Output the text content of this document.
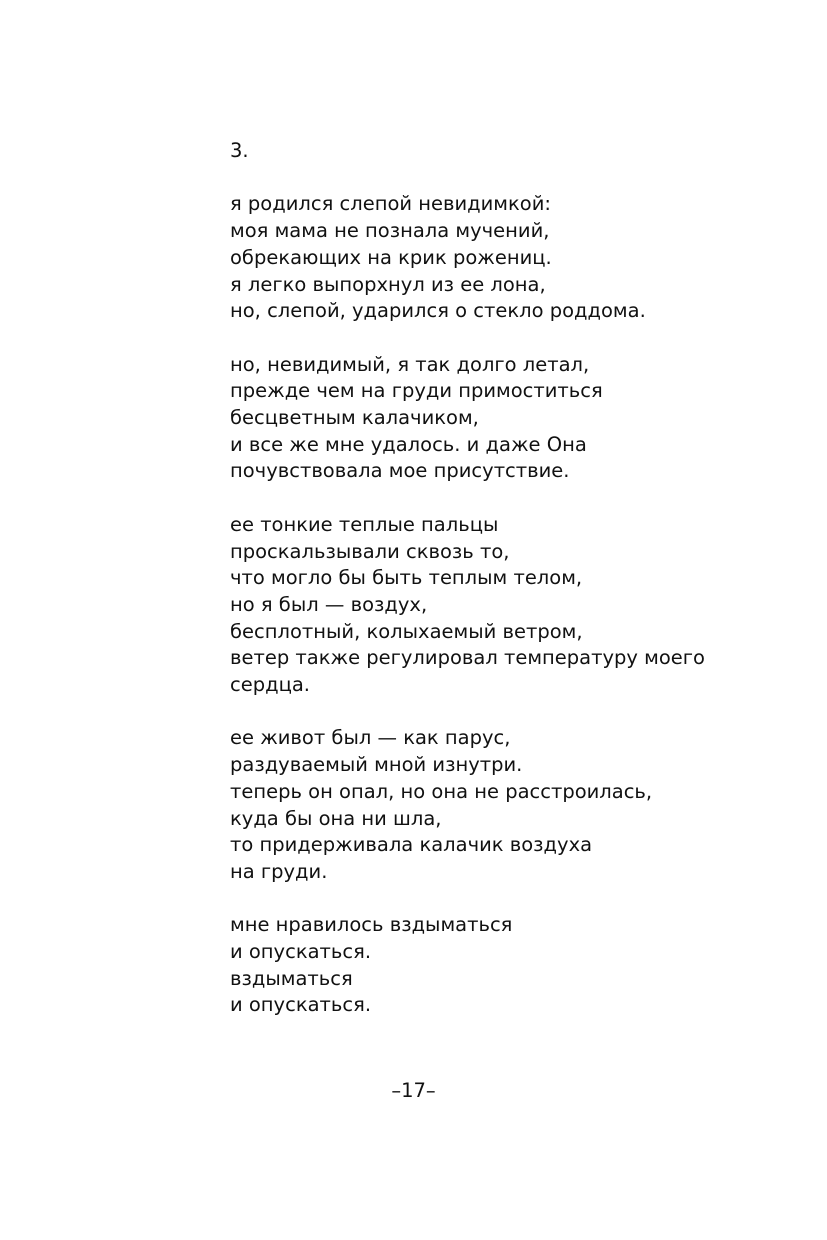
3.
я родился слепой невидимкой:
моя мама не познала мучений,
обрекающих на крик рожениц.
я легко выпорхнул из ее лона,
но, слепой, ударился о стекло роддома.
но, невидимый, я так долго летал,
прежде чем на груди примоститься
бесцветным калачиком,
и все же мне удалось. и даже Она
почувствовала мое присутствие.
ее тонкие теплые пальцы
проскальзывали сквозь то,
что могло бы быть теплым телом,
но я был — воздух,
бесплотный, колыхаемый ветром,
ветер также регулировал температуру моего
сердца.
ее живот был — как парус,
раздуваемый мной изнутри.
теперь он опал, но она не расстроилась,
куда бы она ни шла,
то придерживала калачик воздуха
на груди.
мне нравилось вздыматься
и опускаться.
вздыматься
и опускаться.
–17–
